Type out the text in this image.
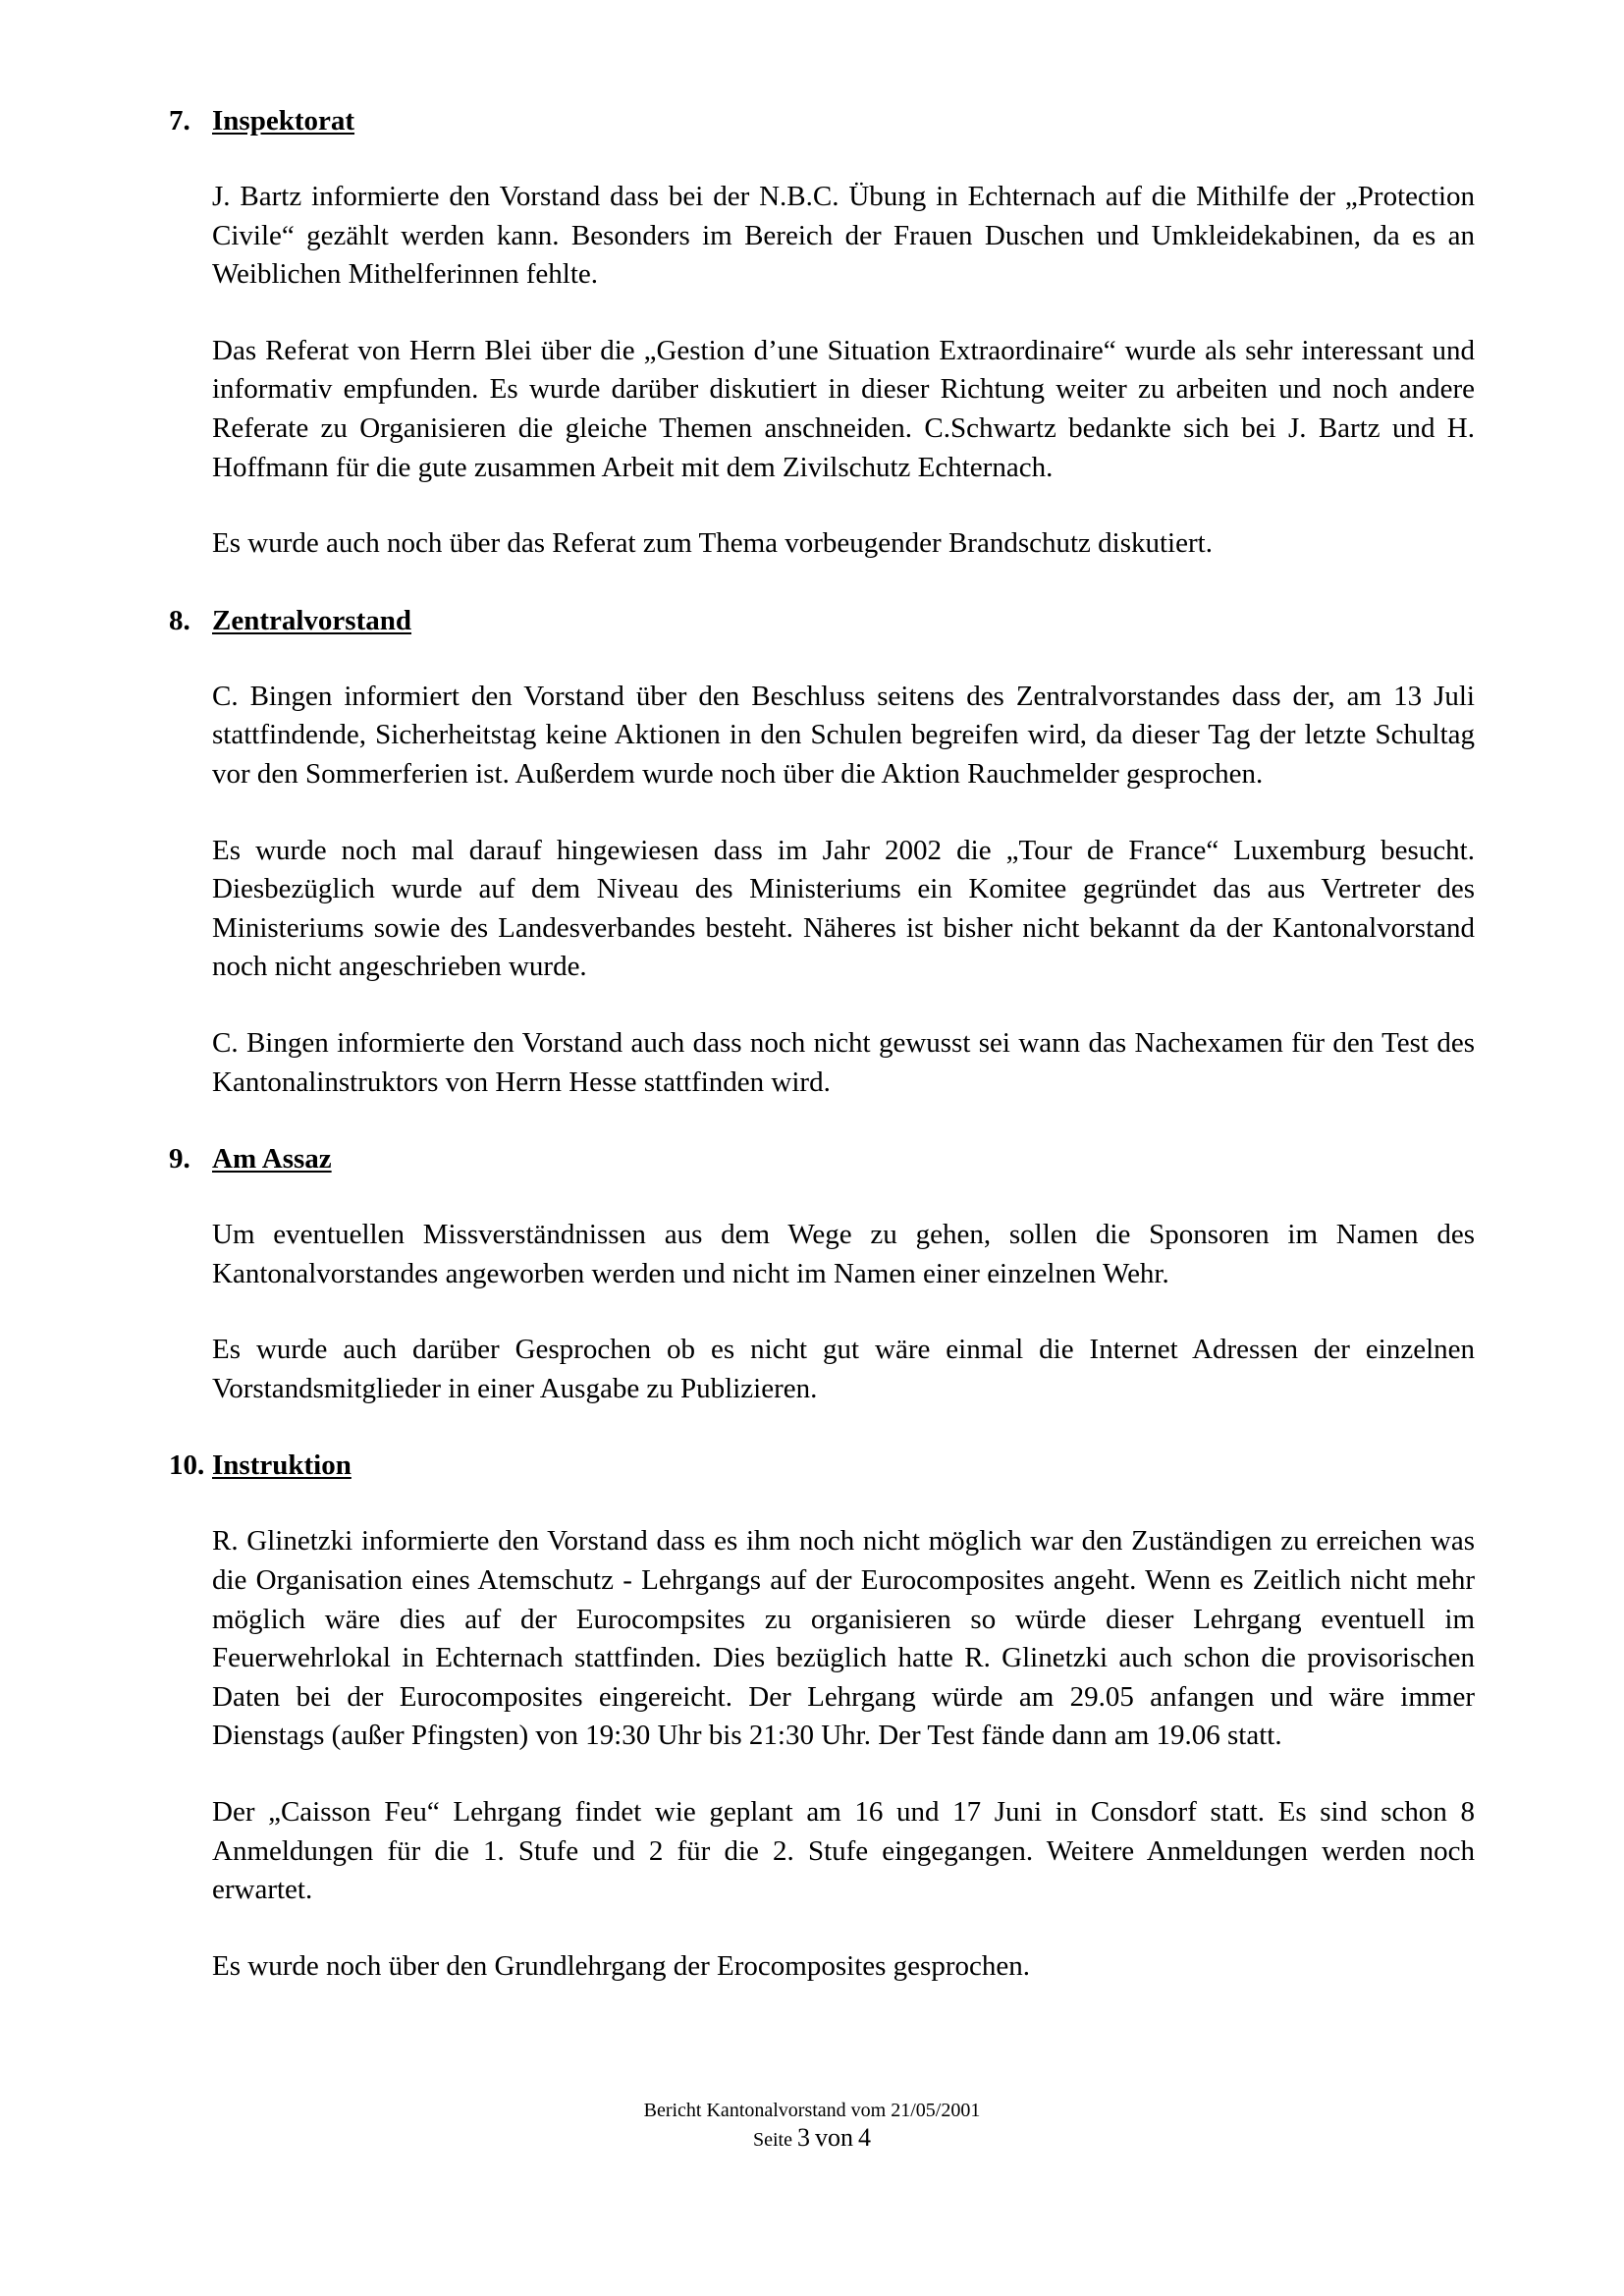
7. Inspektorat

J. Bartz informierte den Vorstand dass bei der N.B.C. Übung in Echternach auf die Mithilfe der „Protection Civile“ gezählt werden kann. Besonders im Bereich der Frauen Duschen und Umkleidekabinen, da es an Weiblichen Mithelferinnen fehlte.

Das Referat von Herrn Blei über die „Gestion d’une Situation Extraordinaire“ wurde als sehr interessant und informativ empfunden. Es wurde darüber diskutiert in dieser Richtung weiter zu arbeiten und noch andere Referate zu Organisieren die gleiche Themen anschneiden. C.Schwartz bedankte sich bei J. Bartz und H. Hoffmann für die gute zusammen Arbeit mit dem Zivilschutz Echternach.

Es wurde auch noch über das Referat zum Thema vorbeugender Brandschutz diskutiert.

8. Zentralvorstand

C. Bingen informiert den Vorstand über den Beschluss seitens des Zentralvorstandes dass der, am 13 Juli stattfindende, Sicherheitstag keine Aktionen in den Schulen begreifen wird, da dieser Tag der letzte Schultag vor den Sommerferien ist. Außerdem wurde noch über die Aktion Rauchmelder gesprochen.

Es wurde noch mal darauf hingewiesen dass im Jahr 2002 die „Tour de France“ Luxemburg besucht. Diesbezüglich wurde auf dem Niveau des Ministeriums ein Komitee gegründet das aus Vertreter des Ministeriums sowie des Landesverbandes besteht. Näheres ist bisher nicht bekannt da der Kantonalvorstand noch nicht angeschrieben wurde.

C. Bingen informierte den Vorstand auch dass noch nicht gewusst sei wann das Nachexamen für den Test des Kantonalinstruktors von Herrn Hesse stattfinden wird.

9. Am Assaz

Um eventuellen Missverständnissen aus dem Wege zu gehen, sollen die Sponsoren im Namen des Kantonalvorstandes angeworben werden und nicht im Namen einer einzelnen Wehr.

Es wurde auch darüber Gesprochen ob es nicht gut wäre einmal die Internet Adressen der einzelnen Vorstandsmitglieder in einer Ausgabe zu Publizieren.

10. Instruktion

R. Glinetzki informierte den Vorstand dass es ihm noch nicht möglich war den Zuständigen zu erreichen was die Organisation eines Atemschutz - Lehrgangs auf der Eurocomposites angeht. Wenn es Zeitlich nicht mehr möglich wäre dies auf der Eurocompsites zu organisieren so würde dieser Lehrgang eventuell im Feuerwehrlokal in Echternach stattfinden. Dies bezüglich hatte R. Glinetzki auch schon die provisorischen Daten bei der Eurocomposites eingereicht. Der Lehrgang würde am 29.05 anfangen und wäre immer Dienstags (außer Pfingsten) von 19:30 Uhr bis 21:30 Uhr. Der Test fände dann am 19.06 statt.

Der „Caisson Feu“ Lehrgang findet wie geplant am 16 und 17 Juni in Consdorf statt. Es sind schon 8 Anmeldungen für die 1. Stufe und 2 für die 2. Stufe eingegangen. Weitere Anmeldungen werden noch erwartet.

Es wurde noch über den Grundlehrgang der Erocomposites gesprochen.

Bericht Kantonalvorstand vom 21/05/2001
Seite 3 von 4
